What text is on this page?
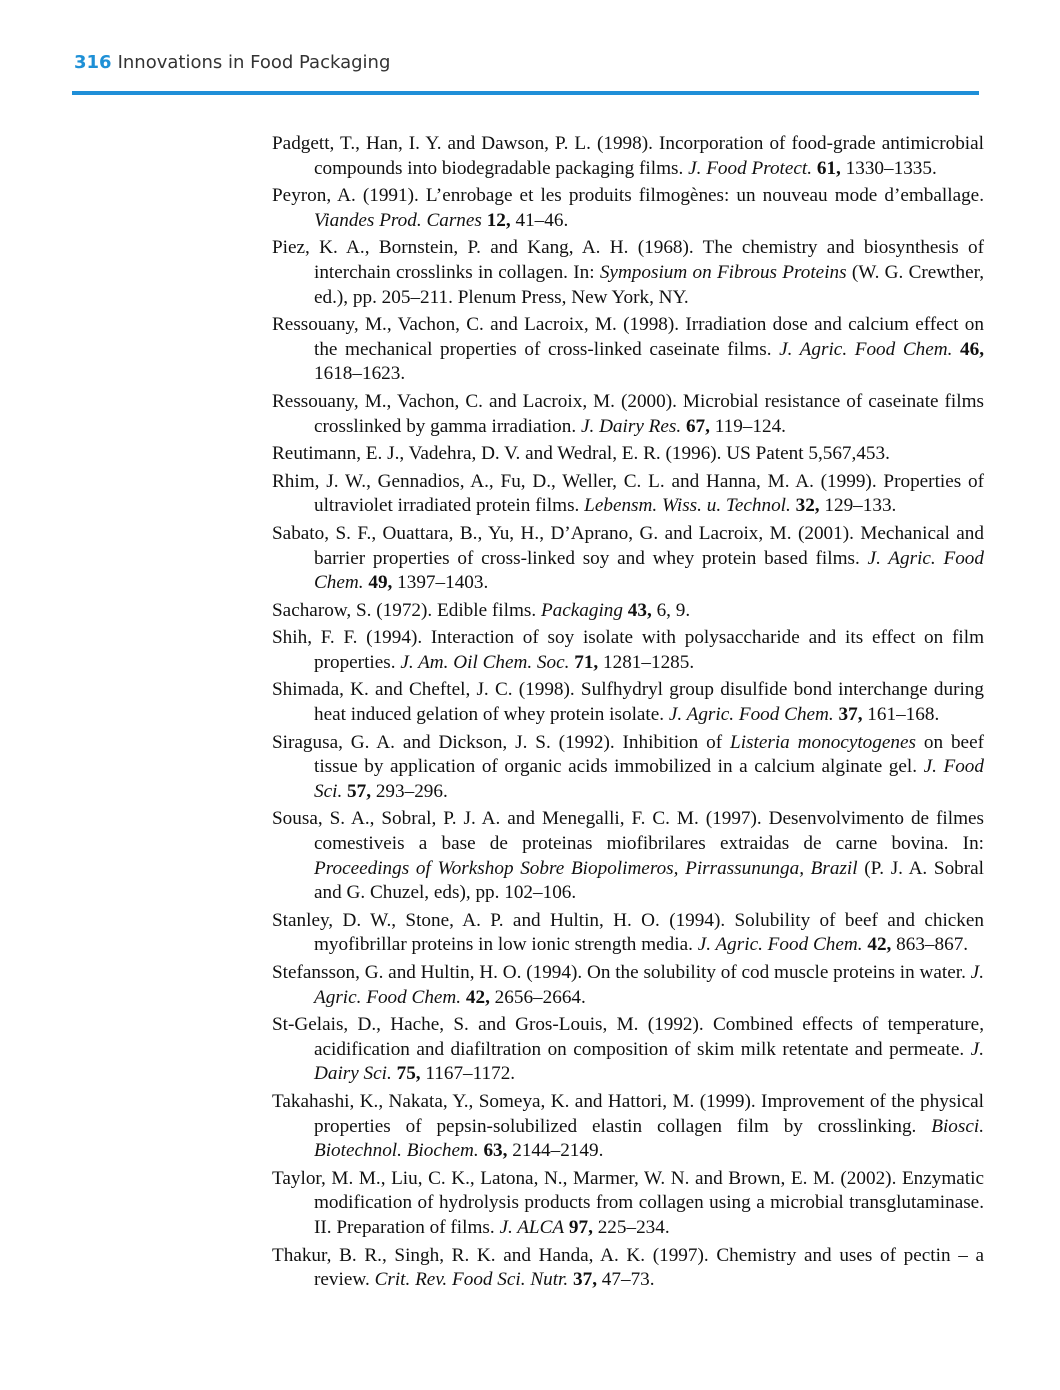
316 Innovations in Food Packaging
Padgett, T., Han, I. Y. and Dawson, P. L. (1998). Incorporation of food-grade antimicrobial compounds into biodegradable packaging films. J. Food Protect. 61, 1330–1335.
Peyron, A. (1991). L’enrobage et les produits filmogènes: un nouveau mode d’emballage. Viandes Prod. Carnes 12, 41–46.
Piez, K. A., Bornstein, P. and Kang, A. H. (1968). The chemistry and biosynthesis of interchain crosslinks in collagen. In: Symposium on Fibrous Proteins (W. G. Crewther, ed.), pp. 205–211. Plenum Press, New York, NY.
Ressouany, M., Vachon, C. and Lacroix, M. (1998). Irradiation dose and calcium effect on the mechanical properties of cross-linked caseinate films. J. Agric. Food Chem. 46, 1618–1623.
Ressouany, M., Vachon, C. and Lacroix, M. (2000). Microbial resistance of caseinate films crosslinked by gamma irradiation. J. Dairy Res. 67, 119–124.
Reutimann, E. J., Vadehra, D. V. and Wedral, E. R. (1996). US Patent 5,567,453.
Rhim, J. W., Gennadios, A., Fu, D., Weller, C. L. and Hanna, M. A. (1999). Properties of ultraviolet irradiated protein films. Lebensm. Wiss. u. Technol. 32, 129–133.
Sabato, S. F., Ouattara, B., Yu, H., D’Aprano, G. and Lacroix, M. (2001). Mechanical and barrier properties of cross-linked soy and whey protein based films. J. Agric. Food Chem. 49, 1397–1403.
Sacharow, S. (1972). Edible films. Packaging 43, 6, 9.
Shih, F. F. (1994). Interaction of soy isolate with polysaccharide and its effect on film properties. J. Am. Oil Chem. Soc. 71, 1281–1285.
Shimada, K. and Cheftel, J. C. (1998). Sulfhydryl group disulfide bond interchange during heat induced gelation of whey protein isolate. J. Agric. Food Chem. 37, 161–168.
Siragusa, G. A. and Dickson, J. S. (1992). Inhibition of Listeria monocytogenes on beef tissue by application of organic acids immobilized in a calcium alginate gel. J. Food Sci. 57, 293–296.
Sousa, S. A., Sobral, P. J. A. and Menegalli, F. C. M. (1997). Desenvolvimento de filmes comestiveis a base de proteinas miofibrilares extraidas de carne bovina. In: Proceedings of Workshop Sobre Biopolimeros, Pirrassununga, Brazil (P. J. A. Sobral and G. Chuzel, eds), pp. 102–106.
Stanley, D. W., Stone, A. P. and Hultin, H. O. (1994). Solubility of beef and chicken myofibrillar proteins in low ionic strength media. J. Agric. Food Chem. 42, 863–867.
Stefansson, G. and Hultin, H. O. (1994). On the solubility of cod muscle proteins in water. J. Agric. Food Chem. 42, 2656–2664.
St-Gelais, D., Hache, S. and Gros-Louis, M. (1992). Combined effects of temperature, acidification and diafiltration on composition of skim milk retentate and permeate. J. Dairy Sci. 75, 1167–1172.
Takahashi, K., Nakata, Y., Someya, K. and Hattori, M. (1999). Improvement of the physical properties of pepsin-solubilized elastin collagen film by crosslinking. Biosci. Biotechnol. Biochem. 63, 2144–2149.
Taylor, M. M., Liu, C. K., Latona, N., Marmer, W. N. and Brown, E. M. (2002). Enzymatic modification of hydrolysis products from collagen using a microbial transglutaminase. II. Preparation of films. J. ALCA 97, 225–234.
Thakur, B. R., Singh, R. K. and Handa, A. K. (1997). Chemistry and uses of pectin – a review. Crit. Rev. Food Sci. Nutr. 37, 47–73.
